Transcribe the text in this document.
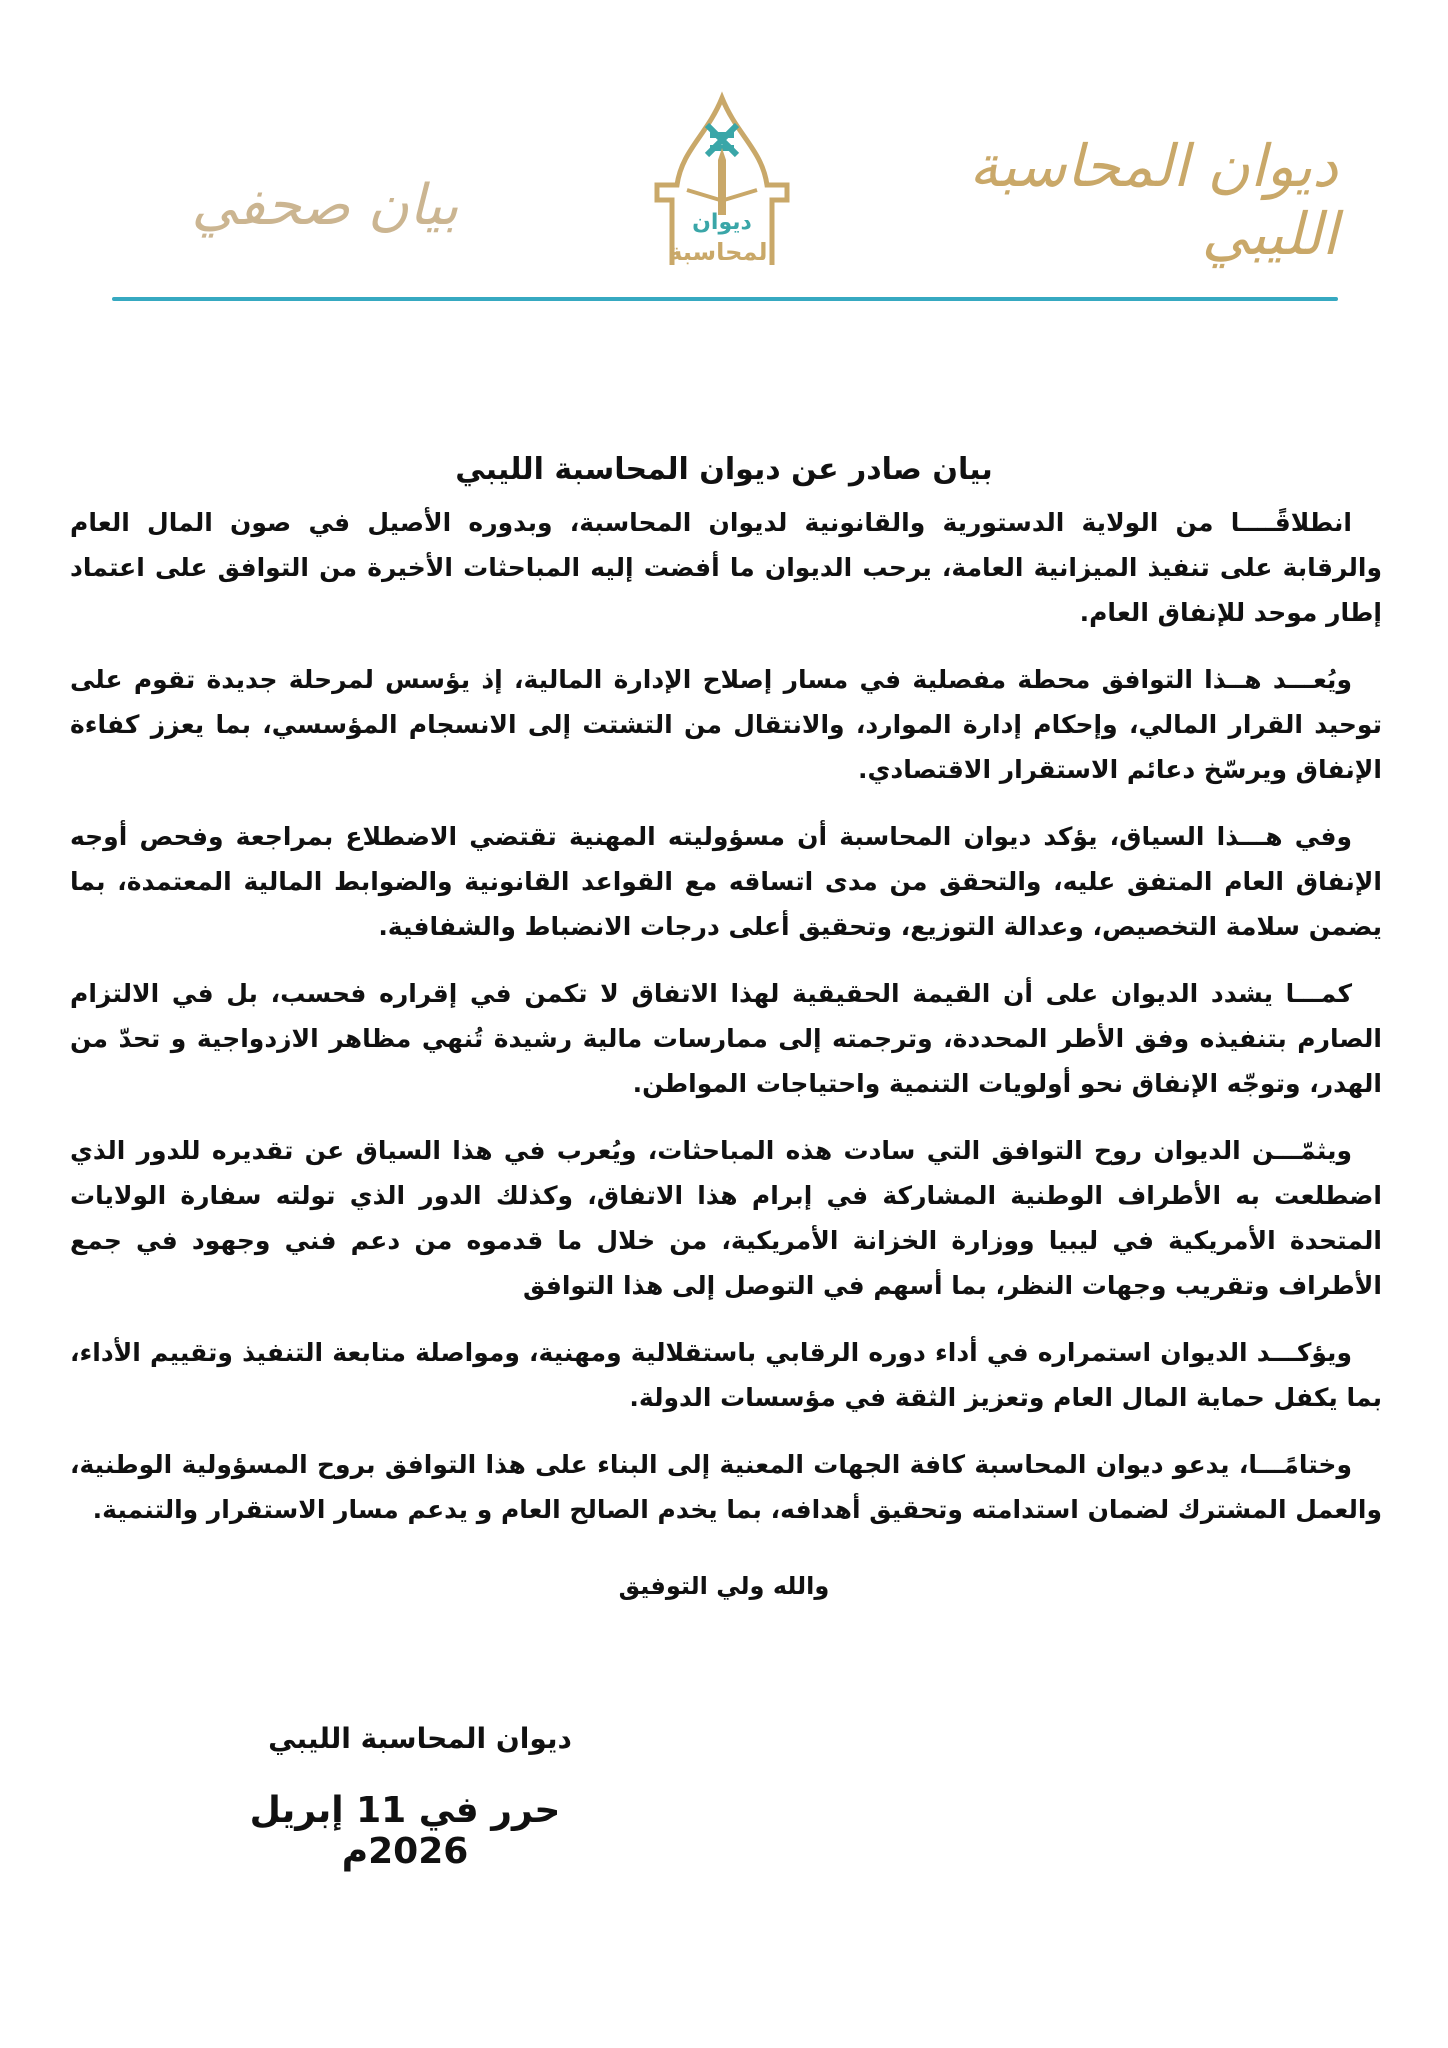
ديوان المحاسبة الليبي
ديوان
المحاسبة
بيان صحفي
بيان صادر عن ديوان المحاسبة الليبي

انطلاقًــــا من الولاية الدستورية والقانونية لديوان المحاسبة، وبدوره الأصيل في صون المال العام والرقابة على تنفيذ الميزانية العامة، يرحب الديوان ما أفضت إليه المباحثات الأخيرة من التوافق على اعتماد إطار موحد للإنفاق العام.

ويُعـــد هــذا التوافق محطة مفصلية في مسار إصلاح الإدارة المالية، إذ يؤسس لمرحلة جديدة تقوم على توحيد القرار المالي، وإحكام إدارة الموارد، والانتقال من التشتت إلى الانسجام المؤسسي، بما يعزز كفاءة الإنفاق ويرسّخ دعائم الاستقرار الاقتصادي.

وفي هـــذا السياق، يؤكد ديوان المحاسبة أن مسؤوليته المهنية تقتضي الاضطلاع بمراجعة وفحص أوجه الإنفاق العام المتفق عليه، والتحقق من مدى اتساقه مع القواعد القانونية والضوابط المالية المعتمدة، بما يضمن سلامة التخصيص، وعدالة التوزيع، وتحقيق أعلى درجات الانضباط والشفافية.

كمـــا يشدد الديوان على أن القيمة الحقيقية لهذا الاتفاق لا تكمن في إقراره فحسب، بل في الالتزام الصارم بتنفيذه وفق الأطر المحددة، وترجمته إلى ممارسات مالية رشيدة تُنهي مظاهر الازدواجية و تحدّ من الهدر، وتوجّه الإنفاق نحو أولويات التنمية واحتياجات المواطن.

ويثمّـــن الديوان روح التوافق التي سادت هذه المباحثات، ويُعرب في هذا السياق عن تقديره للدور الذي اضطلعت به الأطراف الوطنية المشاركة في إبرام هذا الاتفاق، وكذلك الدور الذي تولته سفارة الولايات المتحدة الأمريكية في ليبيا ووزارة الخزانة الأمريكية، من خلال ما قدموه من دعم فني وجهود في جمع الأطراف وتقريب وجهات النظر، بما أسهم في التوصل إلى هذا التوافق

ويؤكـــد الديوان استمراره في أداء دوره الرقابي باستقلالية ومهنية، ومواصلة متابعة التنفيذ وتقييم الأداء، بما يكفل حماية المال العام وتعزيز الثقة في مؤسسات الدولة.

وختامًـــا، يدعو ديوان المحاسبة كافة الجهات المعنية إلى البناء على هذا التوافق بروح المسؤولية الوطنية، والعمل المشترك لضمان استدامته وتحقيق أهدافه، بما يخدم الصالح العام و يدعم مسار الاستقرار والتنمية.

والله ولي التوفيق
ديوان المحاسبة الليبي
حرر في 11 إبريل 2026م
